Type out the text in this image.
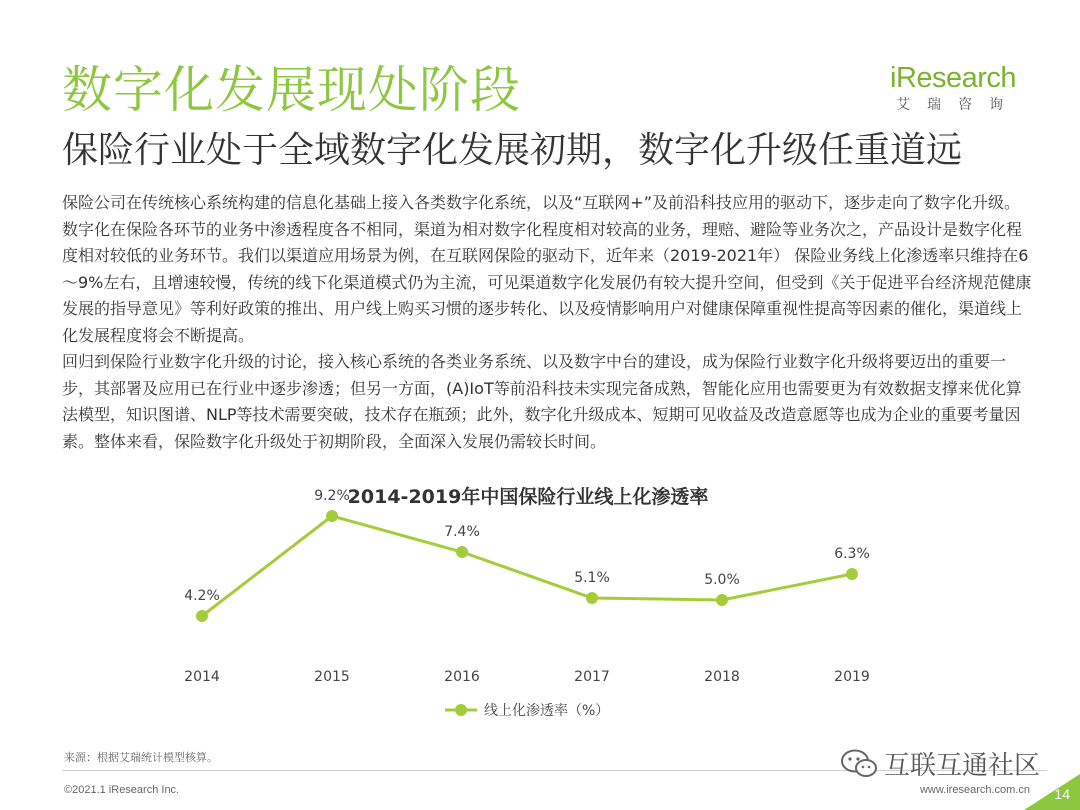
数字化发展现处阶段
保险行业处于全域数字化发展初期，数字化升级任重道远
iResearch
艾瑞咨询

保险公司在传统核心系统构建的信息化基础上接入各类数字化系统，以及“互联网+”及前沿科技应用的驱动下，逐步走向了数字化升级。数字化在保险各环节的业务中渗透程度各不相同，渠道为相对数字化程度相对较高的业务，理赔、避险等业务次之，产品设计是数字化程度相对较低的业务环节。我们以渠道应用场景为例，在互联网保险的驱动下，近年来（2019-2021年） 保险业务线上化渗透率只维持在6～9%左右，且增速较慢，传统的线下化渠道模式仍为主流，可见渠道数字化发展仍有较大提升空间，但受到《关于促进平台经济规范健康发展的指导意见》等利好政策的推出、用户线上购买习惯的逐步转化、以及疫情影响用户对健康保障重视性提高等因素的催化，渠道线上化发展程度将会不断提高。

回归到保险行业数字化升级的讨论，接入核心系统的各类业务系统、以及数字中台的建设，成为保险行业数字化升级将要迈出的重要一步，其部署及应用已在行业中逐步渗透；但另一方面，(A)IoT等前沿科技未实现完备成熟，智能化应用也需要更为有效数据支撑来优化算法模型，知识图谱、NLP等技术需要突破，技术存在瓶颈；此外，数字化升级成本、短期可见收益及改造意愿等也成为企业的重要考量因素。整体来看，保险数字化升级处于初期阶段，全面深入发展仍需较长时间。

2014-2019年中国保险行业线上化渗透率
4.2%
2014
9.2%
2015
7.4%
2016
5.1%
2017
5.0%
2018
6.3%
2019
线上化渗透率（%）
来源：根据艾瑞统计模型核算。
©2021.1 iResearch Inc.	www.iresearch.com.cn
互联互通社区
14
